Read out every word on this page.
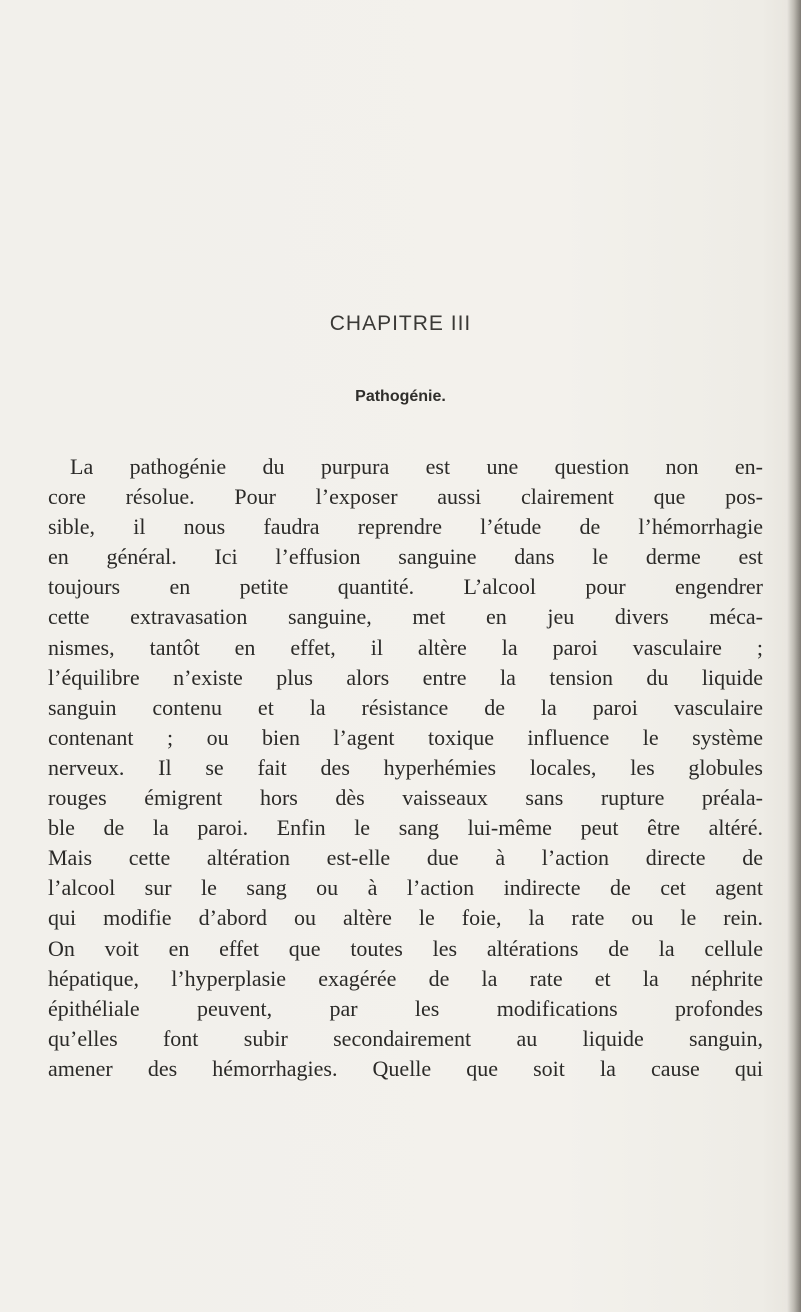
CHAPITRE III
Pathogénie.
La pathogénie du purpura est une question non en-
core résolue. Pour l’exposer aussi clairement que pos-
sible, il nous faudra reprendre l’étude de l’hémorrhagie
en général. Ici l’effusion sanguine dans le derme est
toujours en petite quantité. L’alcool pour engendrer
cette extravasation sanguine, met en jeu divers méca-
nismes, tantôt en effet, il altère la paroi vasculaire ;
l’équilibre n’existe plus alors entre la tension du liquide
sanguin contenu et la résistance de la paroi vasculaire
contenant ; ou bien l’agent toxique influence le système
nerveux. Il se fait des hyperhémies locales, les globules
rouges émigrent hors dès vaisseaux sans rupture préala-
ble de la paroi. Enfin le sang lui-même peut être altéré.
Mais cette altération est-elle due à l’action directe de
l’alcool sur le sang ou à l’action indirecte de cet agent
qui modifie d’abord ou altère le foie, la rate ou le rein.
On voit en effet que toutes les altérations de la cellule
hépatique, l’hyperplasie exagérée de la rate et la néphrite
épithéliale peuvent, par les modifications profondes
qu’elles font subir secondairement au liquide sanguin,
amener des hémorrhagies. Quelle que soit la cause qui
